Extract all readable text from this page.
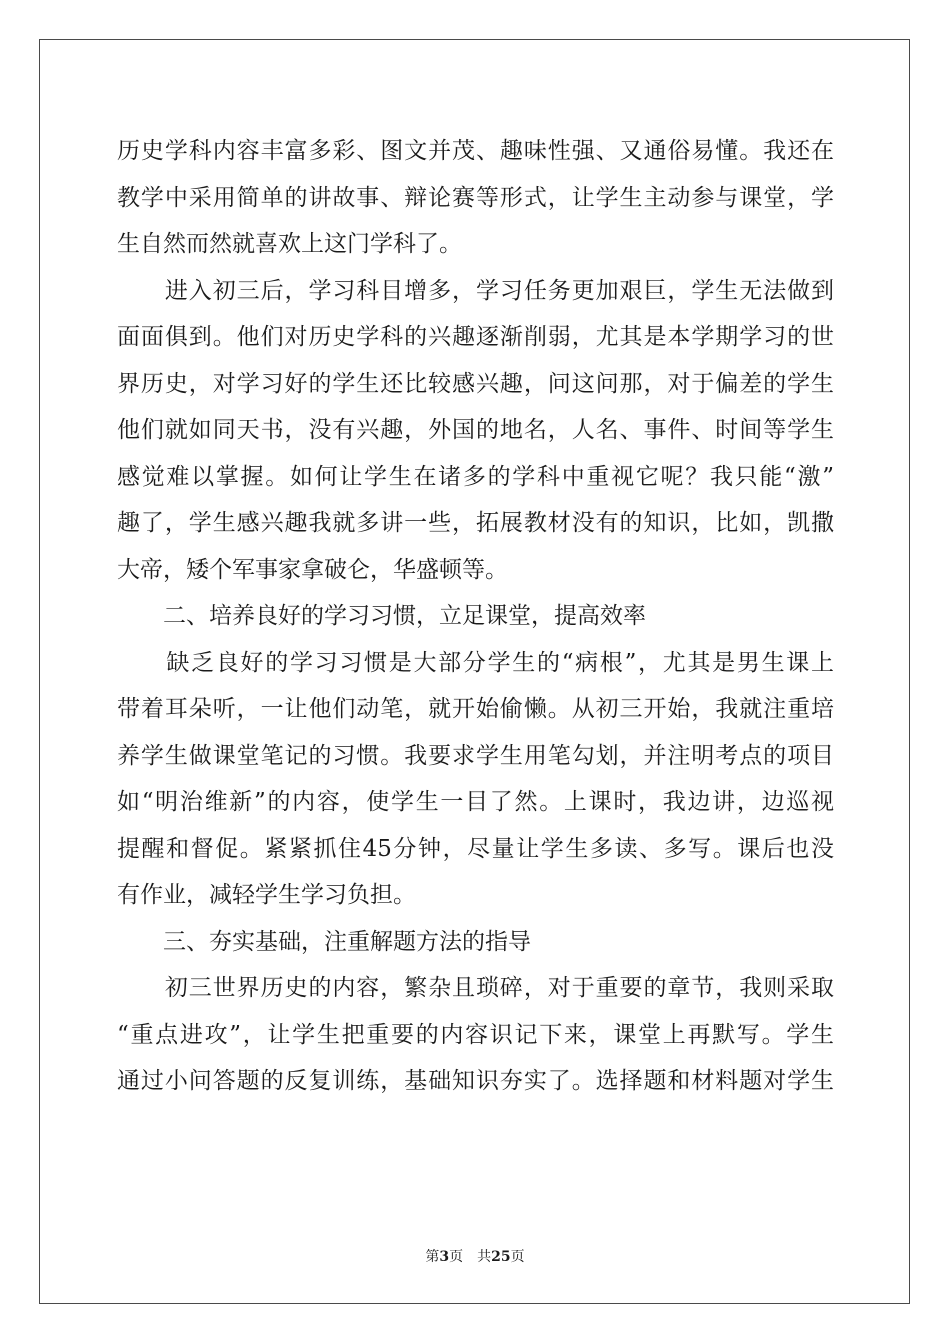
历史学科内容丰富多彩、图文并茂、趣味性强、又通俗易懂。我还在
教学中采用简单的讲故事、辩论赛等形式，让学生主动参与课堂，学
生自然而然就喜欢上这门学科了。
　　进入初三后，学习科目增多，学习任务更加艰巨，学生无法做到
面面俱到。他们对历史学科的兴趣逐渐削弱，尤其是本学期学习的世
界历史，对学习好的学生还比较感兴趣，问这问那，对于偏差的学生
他们就如同天书，没有兴趣，外国的地名，人名、事件、时间等学生
感觉难以掌握。如何让学生在诸多的学科中重视它呢？我只能“激”
趣了，学生感兴趣我就多讲一些，拓展教材没有的知识，比如，凯撒
大帝，矮个军事家拿破仑，华盛顿等。
　　二、培养良好的学习习惯，立足课堂，提高效率
　　缺乏良好的学习习惯是大部分学生的“病根”，尤其是男生课上
带着耳朵听，一让他们动笔，就开始偷懒。从初三开始，我就注重培
养学生做课堂笔记的习惯。我要求学生用笔勾划，并注明考点的项目
如“明治维新”的内容，使学生一目了然。上课时，我边讲，边巡视
提醒和督促。紧紧抓住45分钟，尽量让学生多读、多写。课后也没
有作业，减轻学生学习负担。
　　三、夯实基础，注重解题方法的指导
　　初三世界历史的内容，繁杂且琐碎，对于重要的章节，我则采取
“重点进攻”，让学生把重要的内容识记下来，课堂上再默写。学生
通过小问答题的反复训练，基础知识夯实了。选择题和材料题对学生
第3页 共25页
